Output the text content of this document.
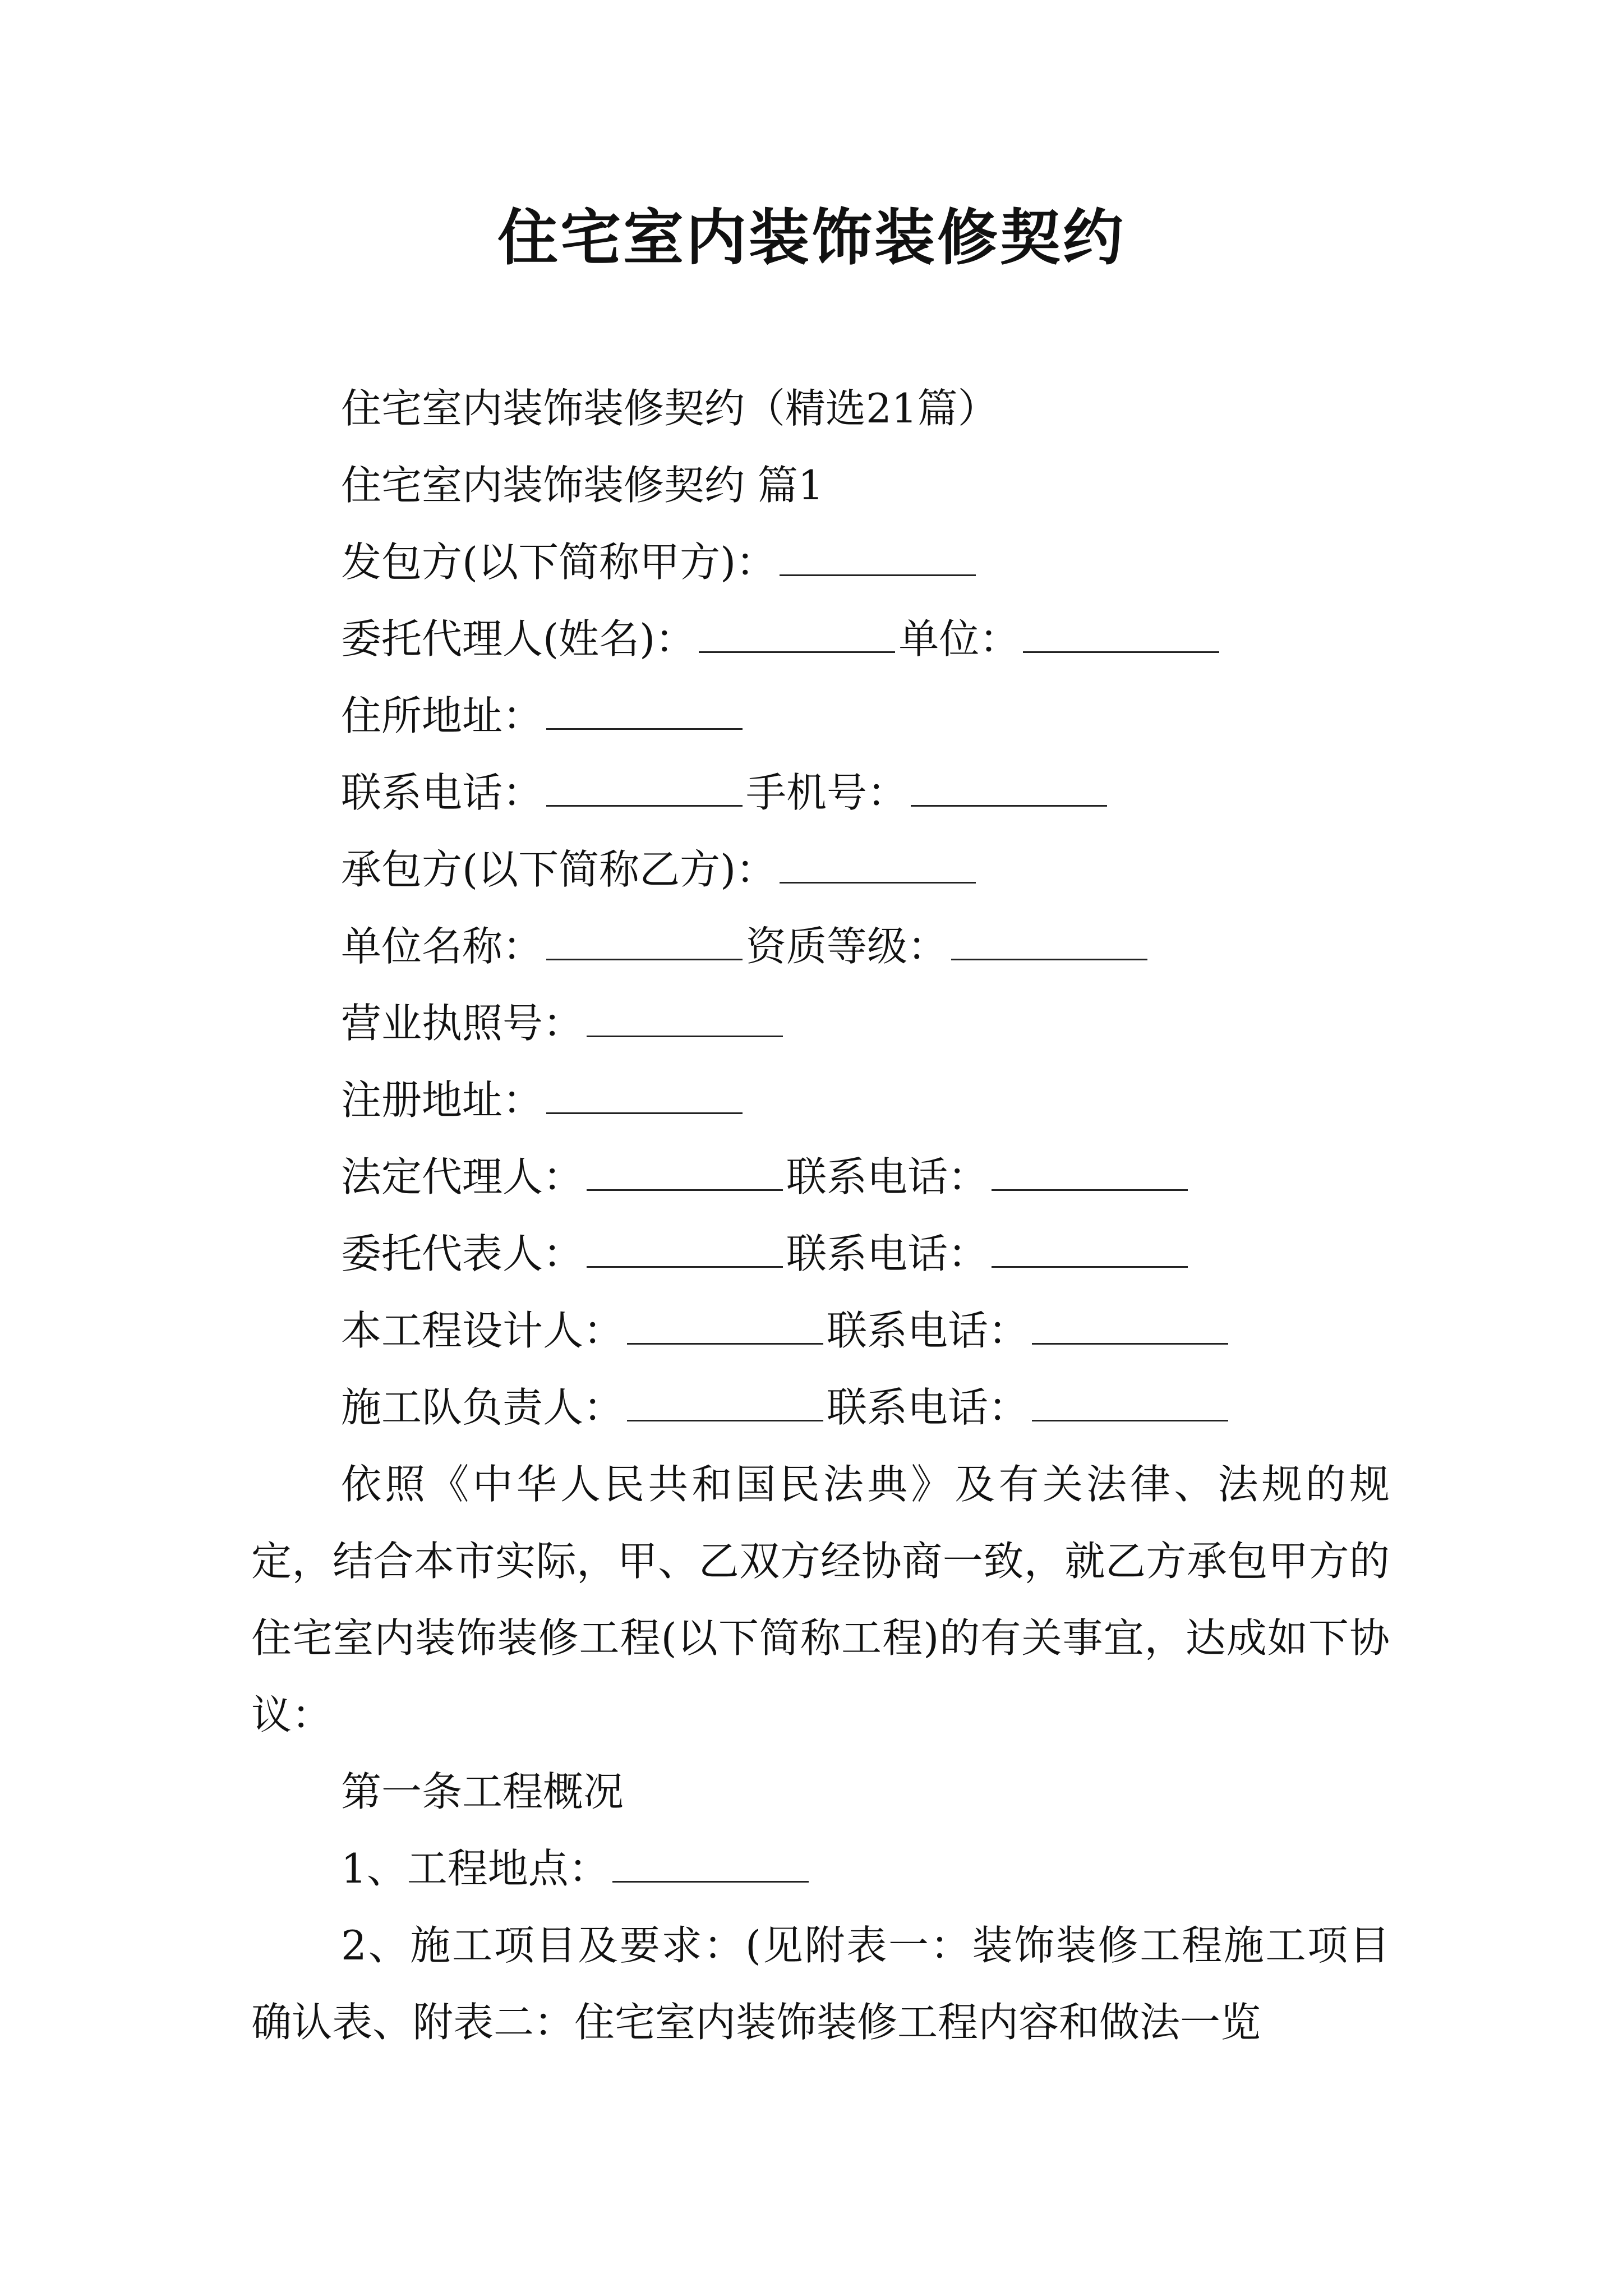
住宅室内装饰装修契约
住宅室内装饰装修契约（精选21篇）
住宅室内装饰装修契约 篇1
发包方(以下简称甲方)：
委托代理人(姓名)：	单位：
住所地址：
联系电话：	手机号：
承包方(以下简称乙方)：
单位名称：	资质等级：
营业执照号：
注册地址：
法定代理人：	联系电话：
委托代表人：	联系电话：
本工程设计人：	联系电话：
施工队负责人：	联系电话：
依照《中华人民共和国民法典》及有关法律、法规的规定，结合本市实际，甲、乙双方经协商一致，就乙方承包甲方的住宅室内装饰装修工程(以下简称工程)的有关事宜，达成如下协议：
第一条工程概况
1、工程地点：
2、施工项目及要求：(见附表一：装饰装修工程施工项目确认表、附表二：住宅室内装饰装修工程内容和做法一览
